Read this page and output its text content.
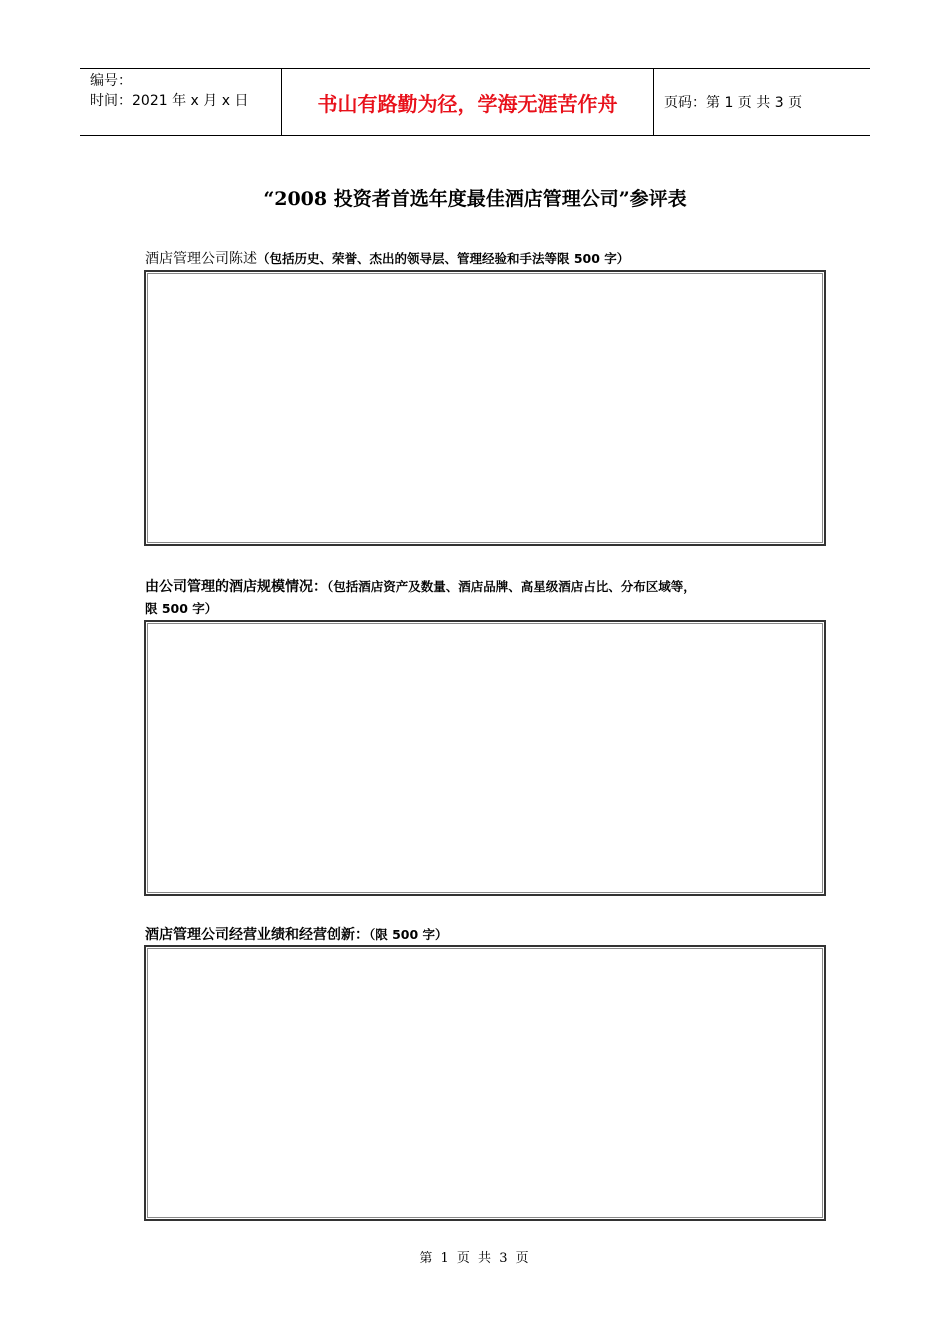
编号：
时间：2021 年 x 月 x 日	书山有路勤为径，学海无涯苦作舟	页码：第 1 页 共 3 页
“2008 投资者首选年度最佳酒店管理公司”参评表
酒店管理公司陈述（包括历史、荣誉、杰出的领导层、管理经验和手法等限 500 字）
由公司管理的酒店规模情况：（包括酒店资产及数量、酒店品牌、高星级酒店占比、分布区域等，
限 500 字）
酒店管理公司经营业绩和经营创新：（限 500 字）
第 1 页 共 3 页
